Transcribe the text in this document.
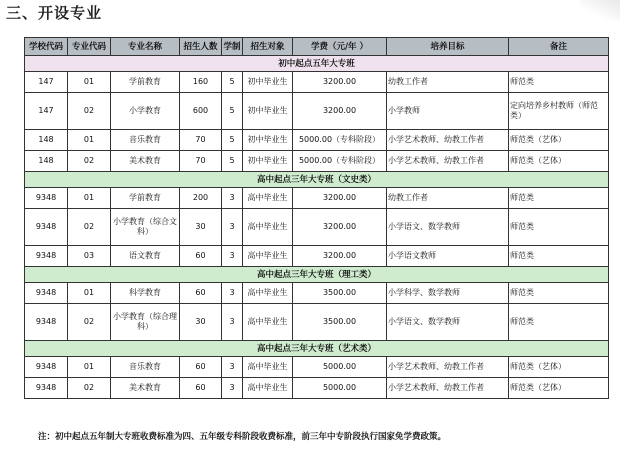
三、开设专业
学校代码	专业代码	专业名称	招生人数	学制	招生对象	学费（元/年 ）	培养目标	备注
初中起点五年大专班								
147	01	学前教育	160	5	初中毕业生	3200.00	幼教工作者	师范类
147	02	小学教育	600	5	初中毕业生	3200.00	小学教师	定向培养乡村教师（师范类）
148	01	音乐教育	70	5	初中毕业生	5000.00（专科阶段）	小学艺术教师、幼教工作者	师范类（艺体）
148	02	美术教育	70	5	初中毕业生	5000.00（专科阶段）	小学艺术教师、幼教工作者	师范类（艺体）
高中起点三年大专班（文史类）								
9348	01	学前教育	200	3	高中毕业生	3200.00	幼教工作者	师范类
9348	02	小学教育（综合文科）	30	3	高中毕业生	3200.00	小学语文、数学教师	师范类
9348	03	语文教育	60	3	高中毕业生	3200.00	小学语文教师	师范类
高中起点三年大专班（理工类）								
9348	01	科学教育	60	3	高中毕业生	3500.00	小学科学、数学教师	师范类
9348	02	小学教育（综合理科）	30	3	高中毕业生	3500.00	小学语文、数学教师	师范类
高中起点三年大专班（艺术类）								
9348	01	音乐教育	60	3	高中毕业生	5000.00	小学艺术教师、幼教工作者	师范类（艺体）
9348	02	美术教育	60	3	高中毕业生	5000.00	小学艺术教师、幼教工作者	师范类（艺体）
注：初中起点五年制大专班收费标准为四、五年级专科阶段收费标准，前三年中专阶段执行国家免学费政策。
